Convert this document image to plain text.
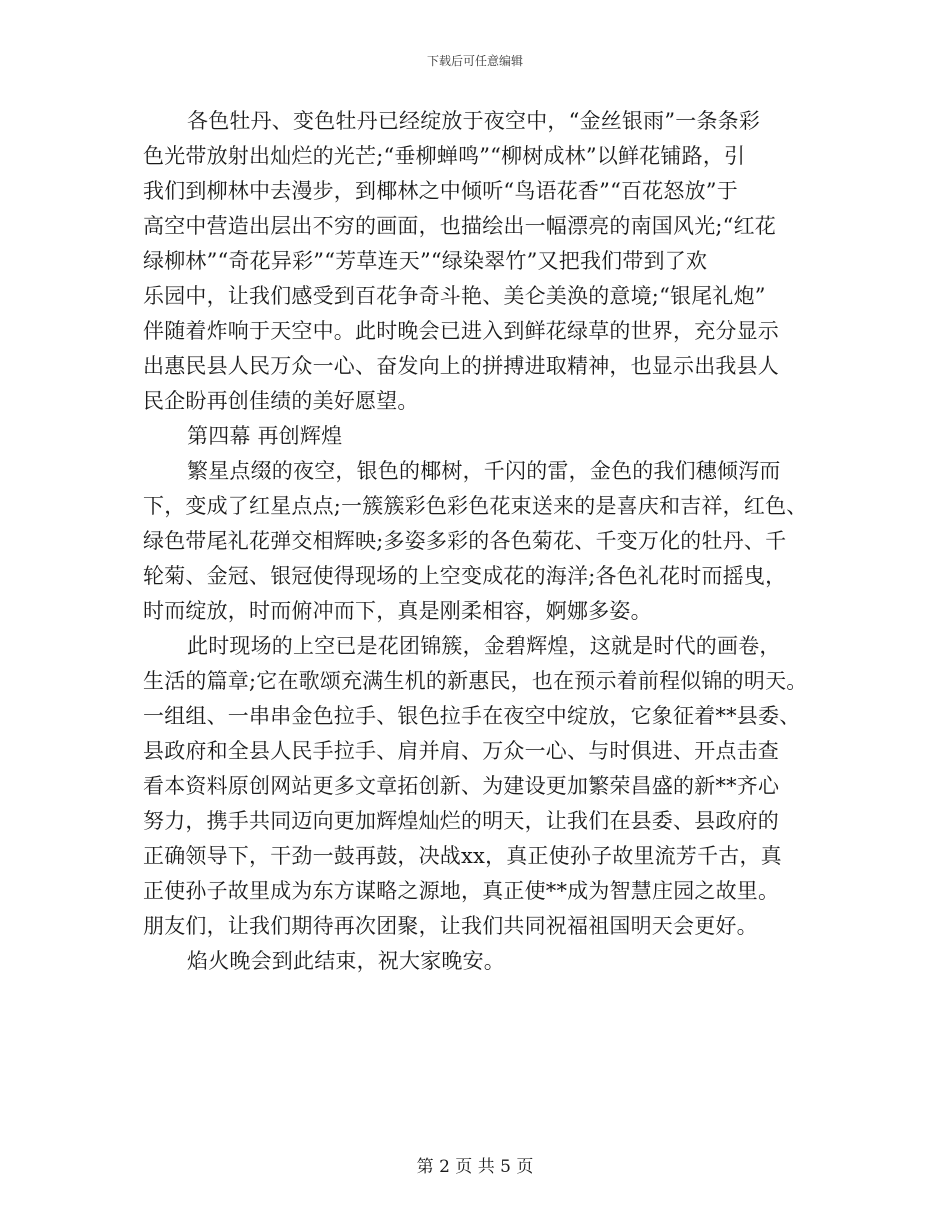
下载后可任意编辑
各色牡丹、变色牡丹已经绽放于夜空中，“金丝银雨”一条条彩
色光带放射出灿烂的光芒;“垂柳蝉鸣”“柳树成林”以鲜花铺路，引
我们到柳林中去漫步，到椰林之中倾听“鸟语花香”“百花怒放”于
高空中营造出层出不穷的画面，也描绘出一幅漂亮的南国风光;“红花
绿柳林”“奇花异彩”“芳草连天”“绿染翠竹”又把我们带到了欢
乐园中，让我们感受到百花争奇斗艳、美仑美涣的意境;“银尾礼炮”
伴随着炸响于天空中。此时晚会已进入到鲜花绿草的世界，充分显示
出惠民县人民万众一心、奋发向上的拼搏进取精神，也显示出我县人
民企盼再创佳绩的美好愿望。
第四幕 再创辉煌
繁星点缀的夜空，银色的椰树，千闪的雷，金色的我们穗倾泻而
下，变成了红星点点;一簇簇彩色彩色花束送来的是喜庆和吉祥，红色、
绿色带尾礼花弹交相辉映;多姿多彩的各色菊花、千变万化的牡丹、千
轮菊、金冠、银冠使得现场的上空变成花的海洋;各色礼花时而摇曳，
时而绽放，时而俯冲而下，真是刚柔相容，婀娜多姿。
此时现场的上空已是花团锦簇，金碧辉煌，这就是时代的画卷，
生活的篇章;它在歌颂充满生机的新惠民，也在预示着前程似锦的明天。
一组组、一串串金色拉手、银色拉手在夜空中绽放，它象征着**县委、
县政府和全县人民手拉手、肩并肩、万众一心、与时俱进、开点击查
看本资料原创网站更多文章拓创新、为建设更加繁荣昌盛的新**齐心
努力，携手共同迈向更加辉煌灿烂的明天，让我们在县委、县政府的
正确领导下，干劲一鼓再鼓，决战xx，真正使孙子故里流芳千古，真
正使孙子故里成为东方谋略之源地，真正使**成为智慧庄园之故里。
朋友们，让我们期待再次团聚，让我们共同祝福祖国明天会更好。
焰火晚会到此结束，祝大家晚安。
第 2 页 共 5 页
